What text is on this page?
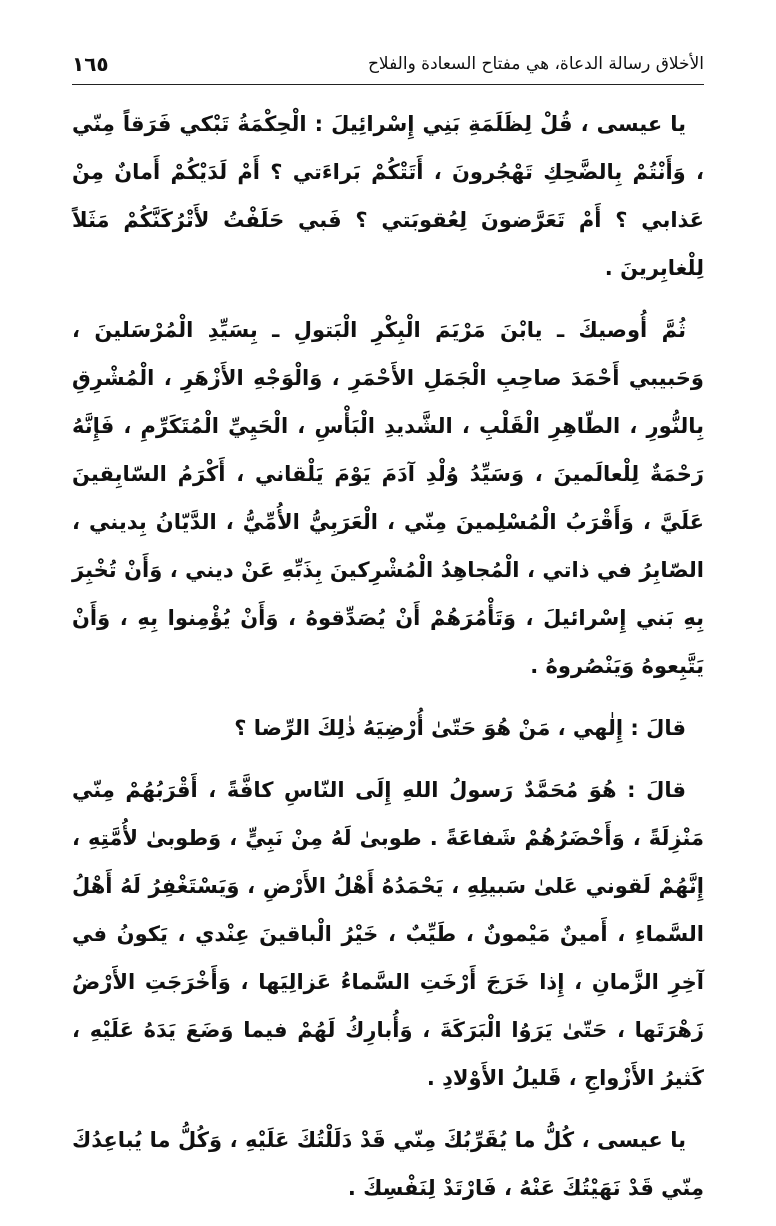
الأخلاق رسالة الدعاة، هي مفتاح السعادة والفلاح
١٦٥

يا عيسى ، قُلْ لِظَلَمَةِ بَنِي إِسْرائِيلَ : الْحِكْمَةُ تَبْكي فَرَقاً مِنّي ، وَأَنْتُمْ بِالضَّحِكِ تَهْجُرونَ ، أَتَتْكُمْ بَراءَتي ؟ أَمْ لَدَيْكُمْ أَمانٌ مِنْ عَذابي ؟ أَمْ تَعَرَّضونَ لِعُقوبَتي ؟ فَبي حَلَفْتُ لأَتْرُكَنَّكُمْ مَثَلاً لِلْغابِرينَ .

ثُمَّ أُوصيكَ ـ يابْنَ مَرْيَمَ الْبِكْرِ الْبَتولِ ـ بِسَيِّدِ الْمُرْسَلينَ ، وَحَبيبي أَحْمَدَ صاحِبِ الْجَمَلِ الأَحْمَرِ ، وَالْوَجْهِ الأَزْهَرِ ، الْمُشْرِقِ بِالنُّورِ ، الطّاهِرِ الْقَلْبِ ، الشَّديدِ الْبَأْسِ ، الْحَيِيِّ الْمُتَكَرِّمِ ، فَإِنَّهُ رَحْمَةٌ لِلْعالَمينَ ، وَسَيِّدُ وُلْدِ آدَمَ يَوْمَ يَلْقاني ، أَكْرَمُ السّابِقينَ عَلَيَّ ، وَأَقْرَبُ الْمُسْلِمينَ مِنّي ، الْعَرَبِيُّ الأُمِّيُّ ، الدَّيّانُ بِديني ، الصّابِرُ في ذاتي ، الْمُجاهِدُ الْمُشْرِكينَ بِذَبِّهِ عَنْ ديني ، وَأَنْ تُخْبِرَ بِهِ بَني إِسْرائيلَ ، وَتَأْمُرَهُمْ أَنْ يُصَدِّقوهُ ، وَأَنْ يُؤْمِنوا بِهِ ، وَأَنْ يَتَّبِعوهُ وَيَنْصُروهُ .

قالَ : إِلٰهي ، مَنْ هُوَ حَتّىٰ أُرْضِيَهُ ذٰلِكَ الرِّضا ؟

قالَ : هُوَ مُحَمَّدٌ رَسولُ اللهِ إِلَى النّاسِ كافَّةً ، أَقْرَبُهُمْ مِنّي مَنْزِلَةً ، وَأَحْضَرُهُمْ شَفاعَةً . طوبىٰ لَهُ مِنْ نَبِيٍّ ، وَطوبىٰ لأُمَّتِهِ ، إِنَّهُمْ لَقوني عَلىٰ سَبيلِهِ ، يَحْمَدُهُ أَهْلُ الأَرْضِ ، وَيَسْتَغْفِرُ لَهُ أَهْلُ السَّماءِ ، أَمينٌ مَيْمونٌ ، طَيِّبٌ ، خَيْرُ الْباقينَ عِنْدي ، يَكونُ في آخِرِ الزَّمانِ ، إِذا خَرَجَ أَرْخَتِ السَّماءُ عَزالِيَها ، وَأَخْرَجَتِ الأَرْضُ زَهْرَتَها ، حَتّىٰ يَرَوُا الْبَرَكَةَ ، وَأُبارِكُ لَهُمْ فيما وَضَعَ يَدَهُ عَلَيْهِ ، كَثيرُ الأَزْواجِ ، قَليلُ الأَوْلادِ .

يا عيسى ، كُلُّ ما يُقَرِّبُكَ مِنّي قَدْ دَلَلْتُكَ عَلَيْهِ ، وَكُلُّ ما يُباعِدُكَ مِنّي قَدْ نَهَيْتُكَ عَنْهُ ، فَارْتَدْ لِنَفْسِكَ .
